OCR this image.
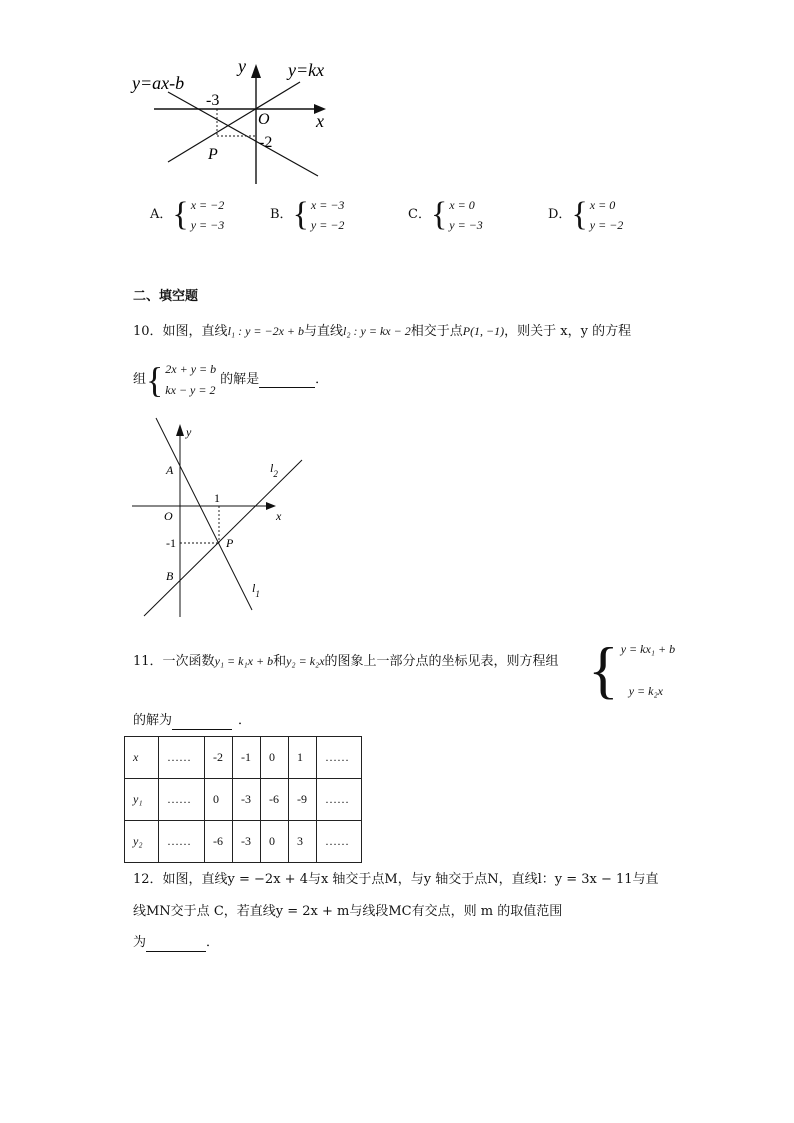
y=ax-b
y=kx
y
x
O
-3
-2
P
A． { x = −2
y = −3
B． { x = −3
y = −2
C． { x = 0
y = −3
D． { x = 0
y = −2
二、填空题
10．如图，直线l₁ : y = −2x + b与直线l₂ : y = kx − 2相交于点P(1, −1)，则关于 x，y 的方程
组 { 2x + y = b
kx − y = 2
的解是	．
y
x
A
B
O
P
1
-1
$l_2$
$l_1$
11．一次函数y₁ = k₁x + b和y₂ = k₂x的图象上一部分点的坐标见表，则方程组 { y = kx₁ + b
y = k₂x
的解为	．
x	……	-2	-1	0	1	……
y₁	……	0	-3	-6	-9	……
y₂	……	-6	-3	0	3	……
12．如图，直线y = −2x + 4与x 轴交于点M，与y 轴交于点N，直线l：y = 3x − 11与直
线MN交于点 C，若直线y = 2x + m与线段MC有交点，则 m 的取值范围
为	．
